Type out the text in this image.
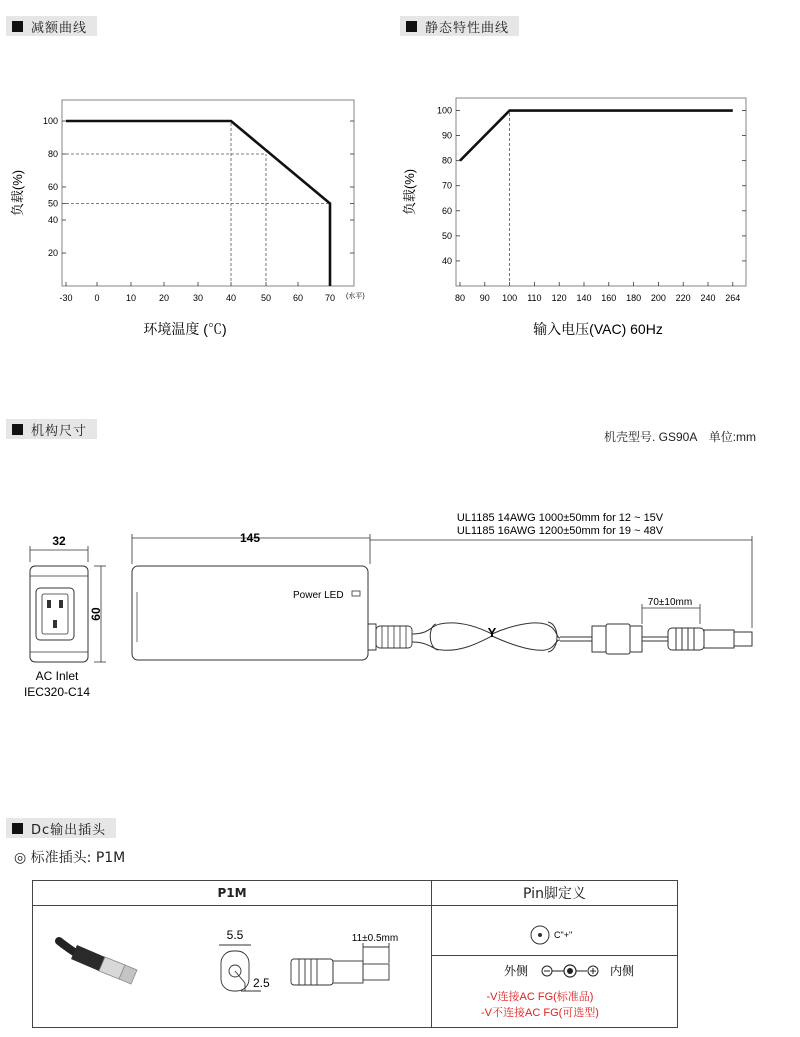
减额曲线	静态特性曲线
机构尺寸
Dc输出插头
20
40
50
60
80
100
-30 0	10	20	30	40	50 60 70
负载(%)
环境温度 (℃)
(水平)
40
50
60
70
80
90
100
80 90 100 110 120 140 160 180 200 220 240 264
负载(%)
输入电压(VAC) 60Hz
机壳型号. GS90A　单位:mm
32
60
AC Inlet
IEC320-C14
145
Power LED
UL1185 14AWG 1000±50mm for 12 ~ 15V
UL1185 16AWG 1200±50mm for 19 ~ 48V
Y
70±10mm
◎ 标准插头: P1M
P1M	Pin脚定义
5.5
2.5
11±0.5mm	C"+"
外侧	内侧
-V连接AC FG(标准品)
-V不连接AC FG(可选型)
